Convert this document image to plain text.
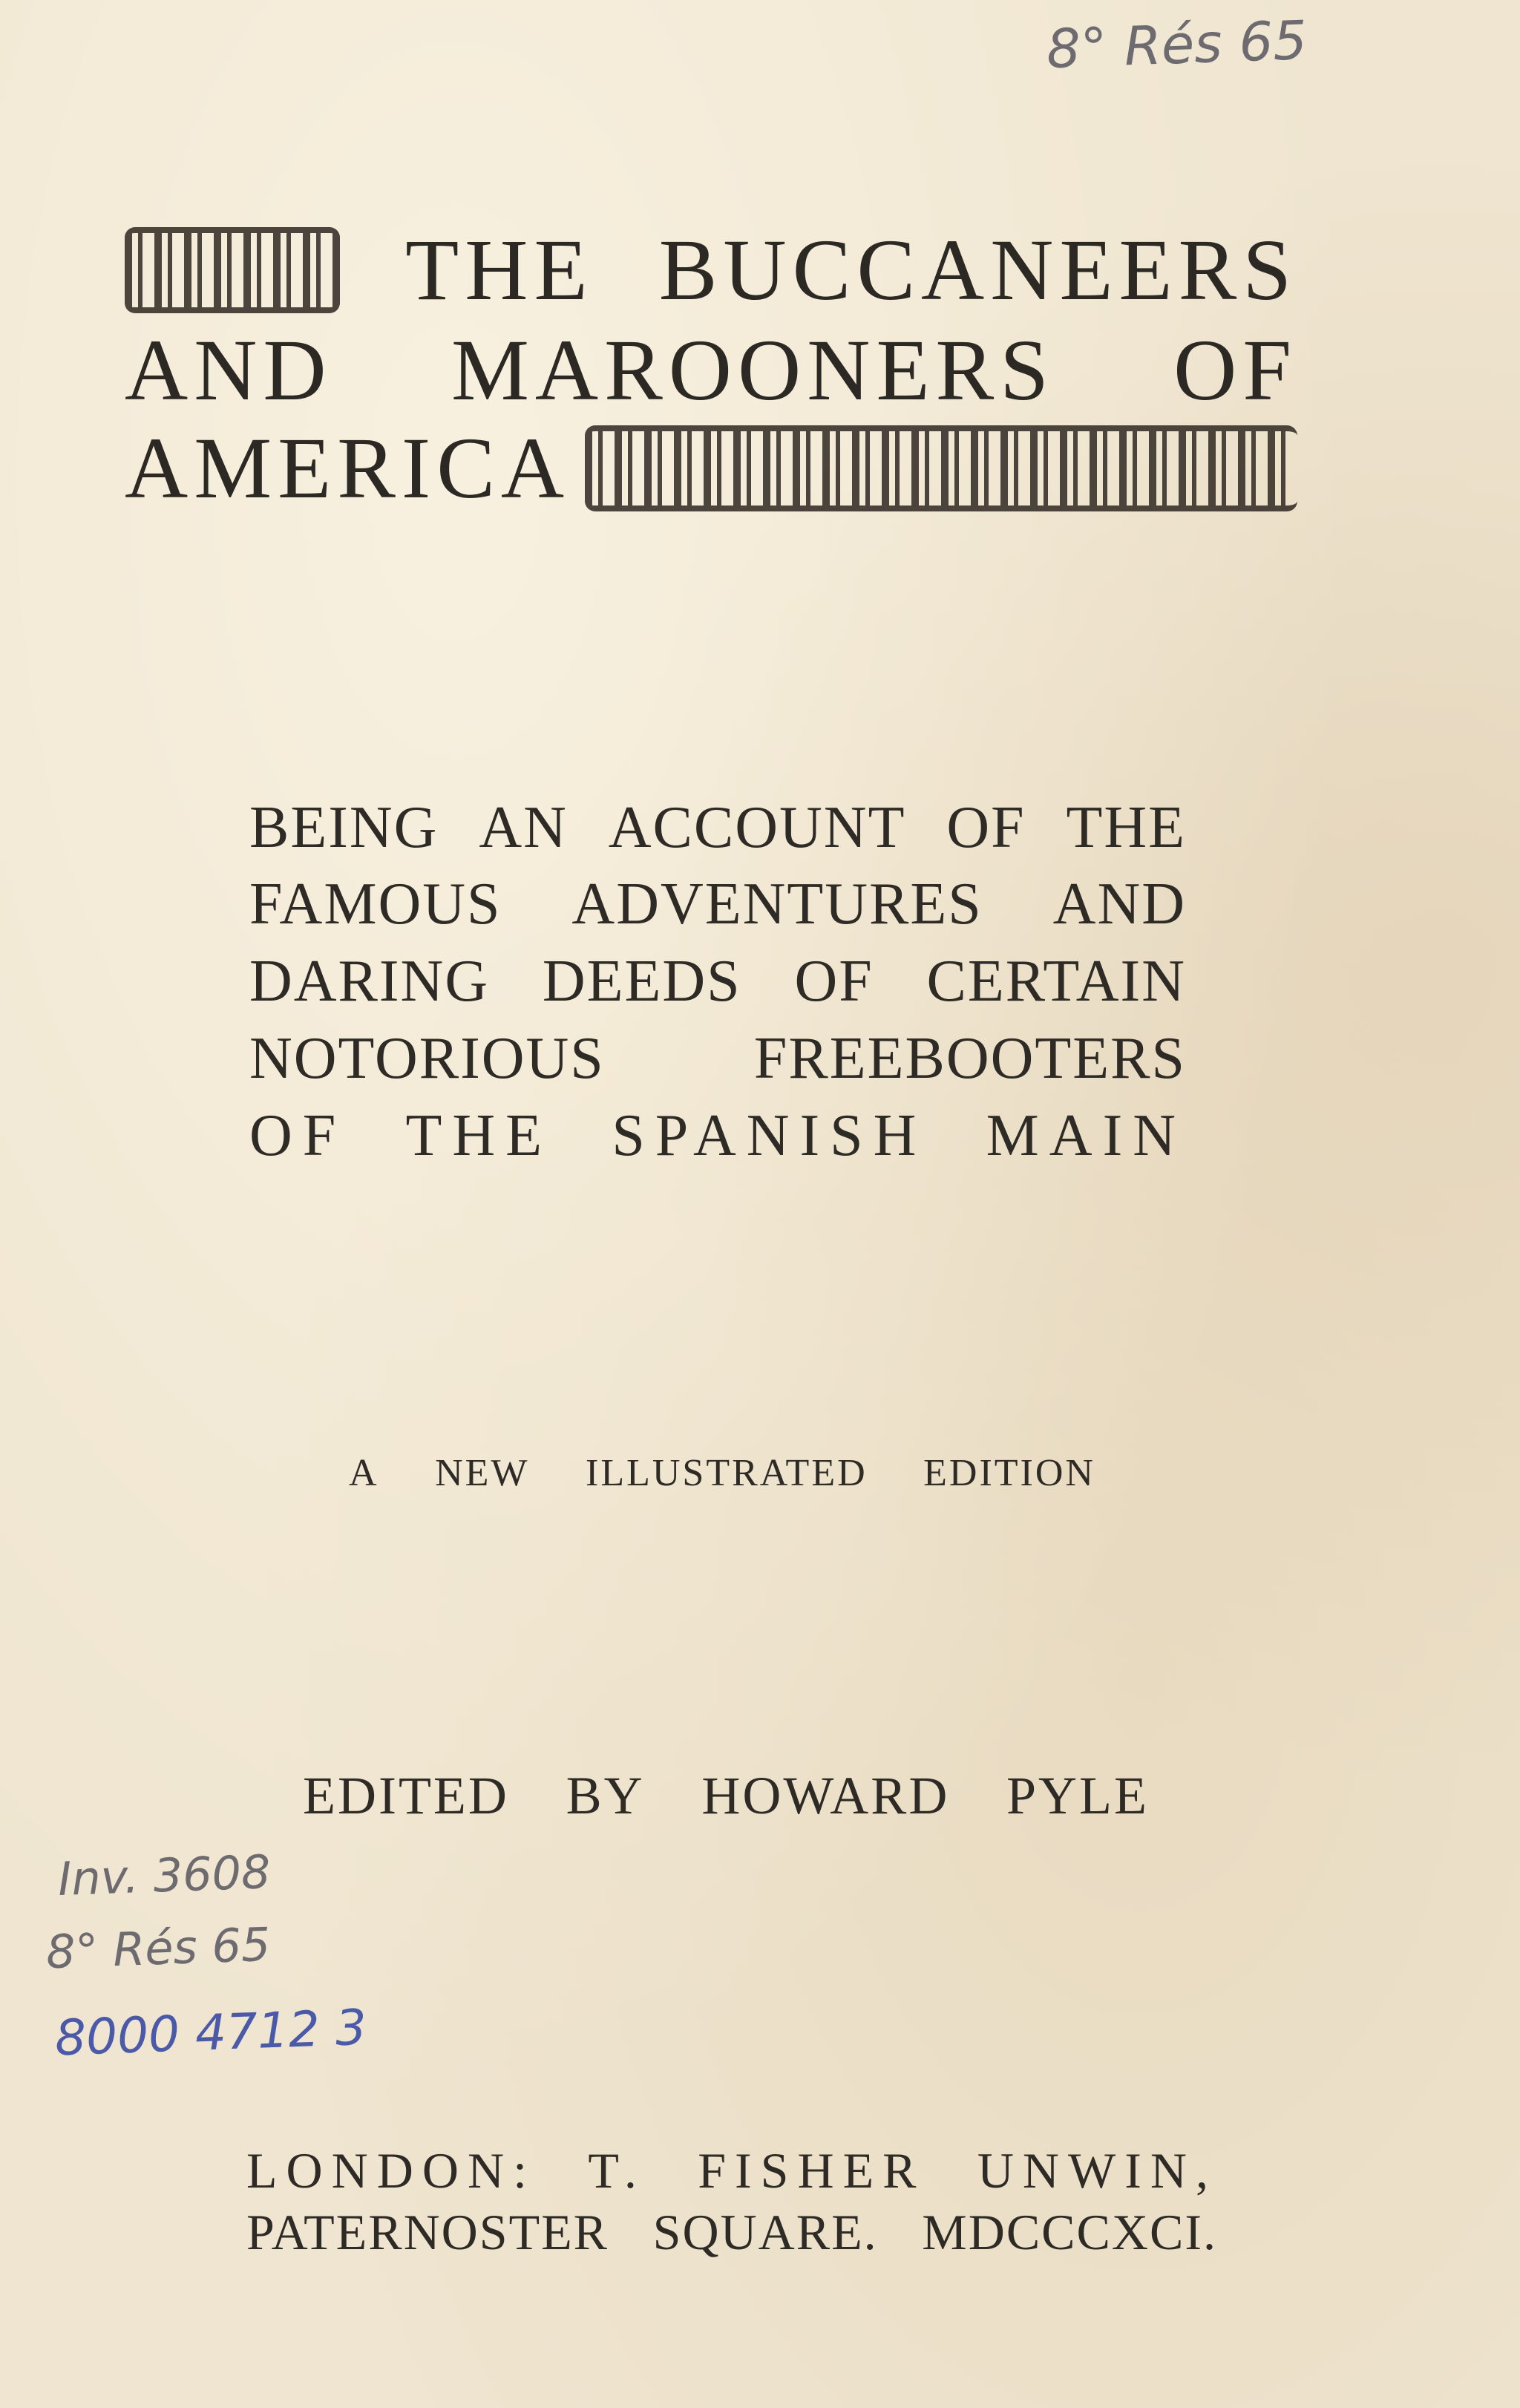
8° Rés 65
THE BUCCANEERS
AND MAROONERS OF
AMERICA
BEING AN ACCOUNT OF THE
FAMOUS ADVENTURES AND
DARING DEEDS OF CERTAIN
NOTORIOUS	FREEBOOTERS
OF THE SPANISH MAIN
A NEW ILLUSTRATED EDITION
EDITED BY HOWARD PYLE
Inv. 3608
8° Rés 65
8000 4712 3
LONDON: T. FISHER UNWIN,
PATERNOSTER SQUARE. MDCCCXCI.
